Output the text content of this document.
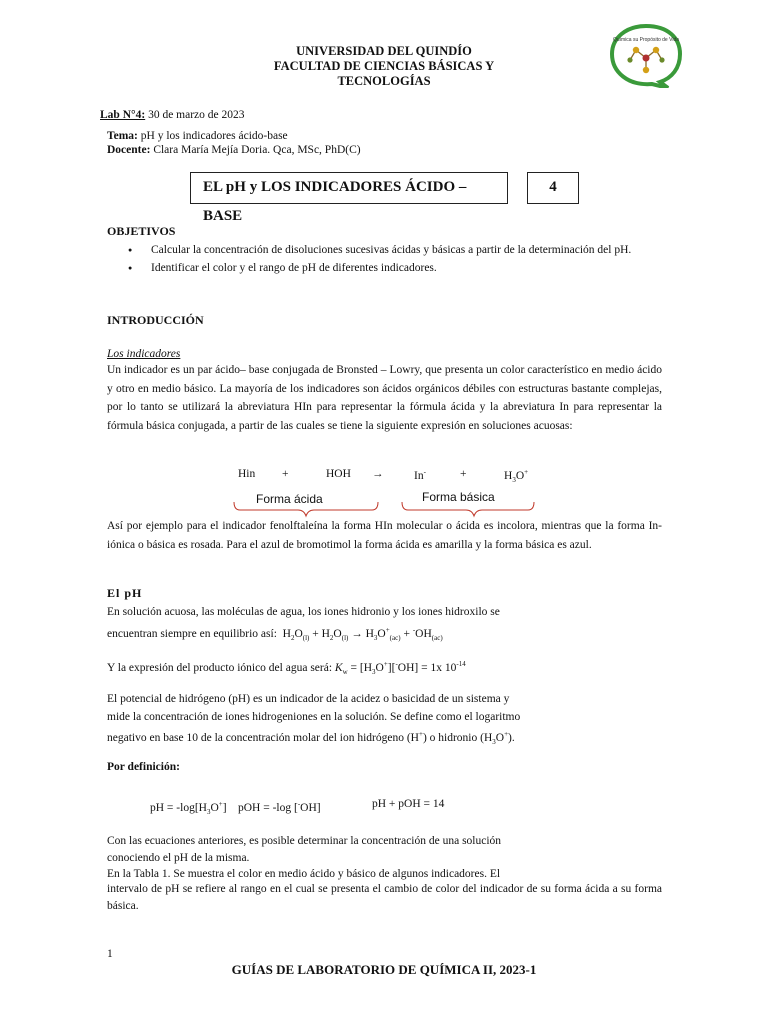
UNIVERSIDAD DEL QUINDÍO
FACULTAD DE CIENCIAS BÁSICAS Y
TECNOLOGÍAS
Química su Propósito de Vida
Lab N°4: 30 de marzo de 2023
Tema: pH y los indicadores ácido-base
Docente: Clara María Mejía Doria. Qca, MSc, PhD(C)
EL pH y LOS INDICADORES ÁCIDO – BASE
4
OBJETIVOS
● Calcular la concentración de disoluciones sucesivas ácidas y básicas a partir de la determinación del pH.
● Identificar el color y el rango de pH de diferentes indicadores.
INTRODUCCIÓN
Los indicadores
Un indicador es un par ácido– base conjugada de Bronsted – Lowry, que presenta un color característico en medio ácido y otro en medio básico. La mayoría de los indicadores son ácidos orgánicos débiles con estructuras bastante complejas, por lo tanto se utilizará la abreviatura HIn para representar la fórmula ácida y la abreviatura In para representar la fórmula básica conjugada, a partir de las cuales se tiene la siguiente expresión en soluciones acuosas:
Hin +	HOH →	In-	+	$H_3O^+$
Forma ácida	Forma básica
Así por ejemplo para el indicador fenolftaleína la forma HIn molecular o ácida es incolora, mientras que la forma In- iónica o básica es rosada. Para el azul de bromotimol la forma ácida es amarilla y la forma básica es azul.
El pH
En solución acuosa, las moléculas de agua, los iones hidronio y los iones hidroxilo se
encuentran siempre en equilibrio así:  $H_2O_{(l)} + H_2O_{(l)} \to H_3O^+_{(ac)} + ^-OH_{(ac)}$
Y la expresión del producto iónico del agua será: $K_w = [H_3O^+][^-OH] = 1x$ $10^{-14}$
El potencial de hidrógeno (pH) es un indicador de la acidez o basicidad de un sistema y
mide la concentración de iones hidrogeniones en la solución. Se define como el logaritmo
negativo en base 10 de la concentración molar del ion hidrógeno (H+) o hidronio $(H_3O^+)$.
Por definición:
pH = $-\log[H_3O^+]$ pOH = -log [-OH]	pH + pOH = 14
Con las ecuaciones anteriores, es posible determinar la concentración de una solución
conociendo el pH de la misma.
En la Tabla 1. Se muestra el color en medio ácido y básico de algunos indicadores. El
intervalo de pH se refiere al rango en el cual se presenta el cambio de color del indicador de su forma ácida a su forma básica.
1
GUÍAS DE LABORATORIO DE QUÍMICA II, 2023-1
